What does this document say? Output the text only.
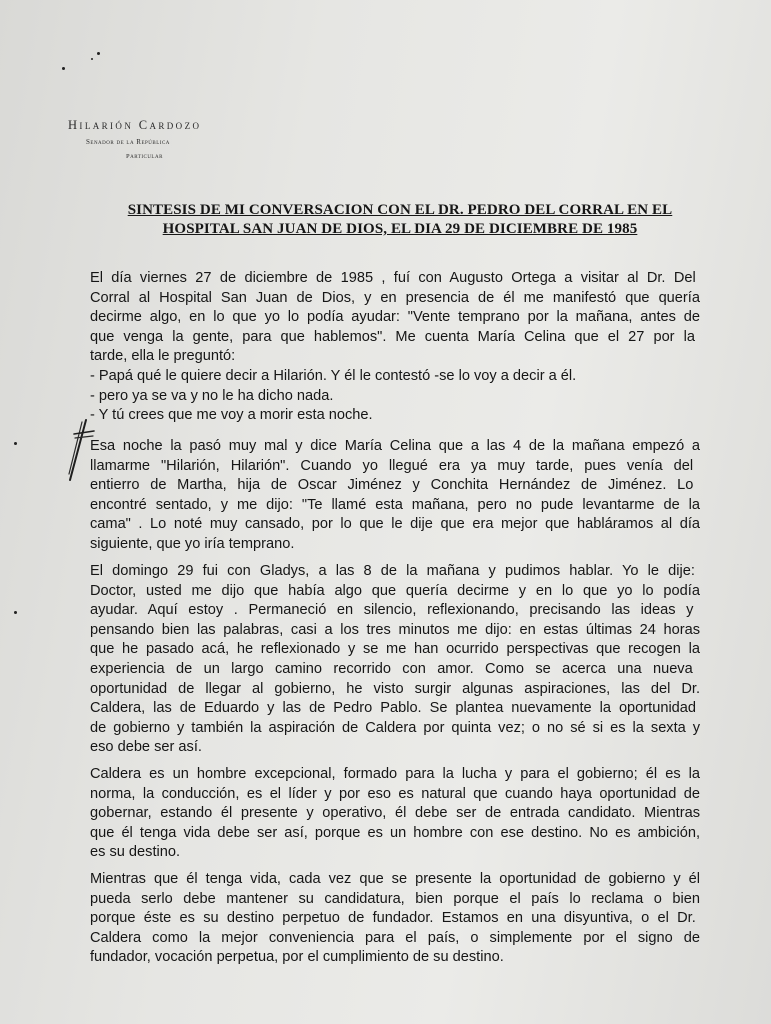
Hilarión Cardozo
Senador de la República
Particular
SINTESIS DE MI CONVERSACION CON EL DR. PEDRO DEL CORRAL EN EL
HOSPITAL SAN JUAN DE DIOS, EL DIA 29 DE DICIEMBRE DE 1985
El día viernes 27 de diciembre de 1985 , fuí con Augusto Ortega a visitar al Dr. Del
Corral al Hospital San Juan de Dios, y en presencia de él me manifestó que quería
decirme algo, en lo que yo lo podía ayudar: "Vente temprano por la mañana, antes de
que venga la gente, para que hablemos". Me cuenta María Celina que el 27 por la
tarde, ella le preguntó:
- Papá qué le quiere decir a Hilarión. Y él le contestó -se lo voy a decir a él.
- pero ya se va y no le ha dicho nada.
- Y tú crees que me voy a morir esta noche.
Esa noche la pasó muy mal y dice María Celina que a las 4 de la mañana empezó a
llamarme "Hilarión, Hilarión". Cuando yo llegué era ya muy tarde, pues venía del
entierro de Martha, hija de Oscar Jiménez y Conchita Hernández de Jiménez. Lo
encontré sentado, y me dijo: "Te llamé esta mañana, pero no pude levantarme de la
cama" . Lo noté muy cansado, por lo que le dije que era mejor que habláramos al día
siguiente, que yo iría temprano.
El domingo 29 fui con Gladys, a las 8 de la mañana y pudimos hablar. Yo le dije:
Doctor, usted me dijo que había algo que quería decirme y en lo que yo lo podía
ayudar. Aquí estoy . Permaneció en silencio, reflexionando, precisando las ideas y
pensando bien las palabras, casi a los tres minutos me dijo: en estas últimas 24 horas
que he pasado acá, he reflexionado y se me han ocurrido perspectivas que recogen la
experiencia de un largo camino recorrido con amor. Como se acerca una nueva
oportunidad de llegar al gobierno, he visto surgir algunas aspiraciones, las del Dr.
Caldera, las de Eduardo y las de Pedro Pablo. Se plantea nuevamente la oportunidad
de gobierno y también la aspiración de Caldera por quinta vez; o no sé si es la sexta y
eso debe ser así.
Caldera es un hombre excepcional, formado para la lucha y para el gobierno; él es la
norma, la conducción, es el líder y por eso es natural que cuando haya oportunidad de
gobernar, estando él presente y operativo, él debe ser de entrada candidato. Mientras
que él tenga vida debe ser así, porque es un hombre con ese destino. No es ambición,
es su destino.
Mientras que él tenga vida, cada vez que se presente la oportunidad de gobierno y él
pueda serlo debe mantener su candidatura, bien porque el país lo reclama o bien
porque éste es su destino perpetuo de fundador. Estamos en una disyuntiva, o el Dr.
Caldera como la mejor conveniencia para el país, o simplemente por el signo de
fundador, vocación perpetua, por el cumplimiento de su destino.
